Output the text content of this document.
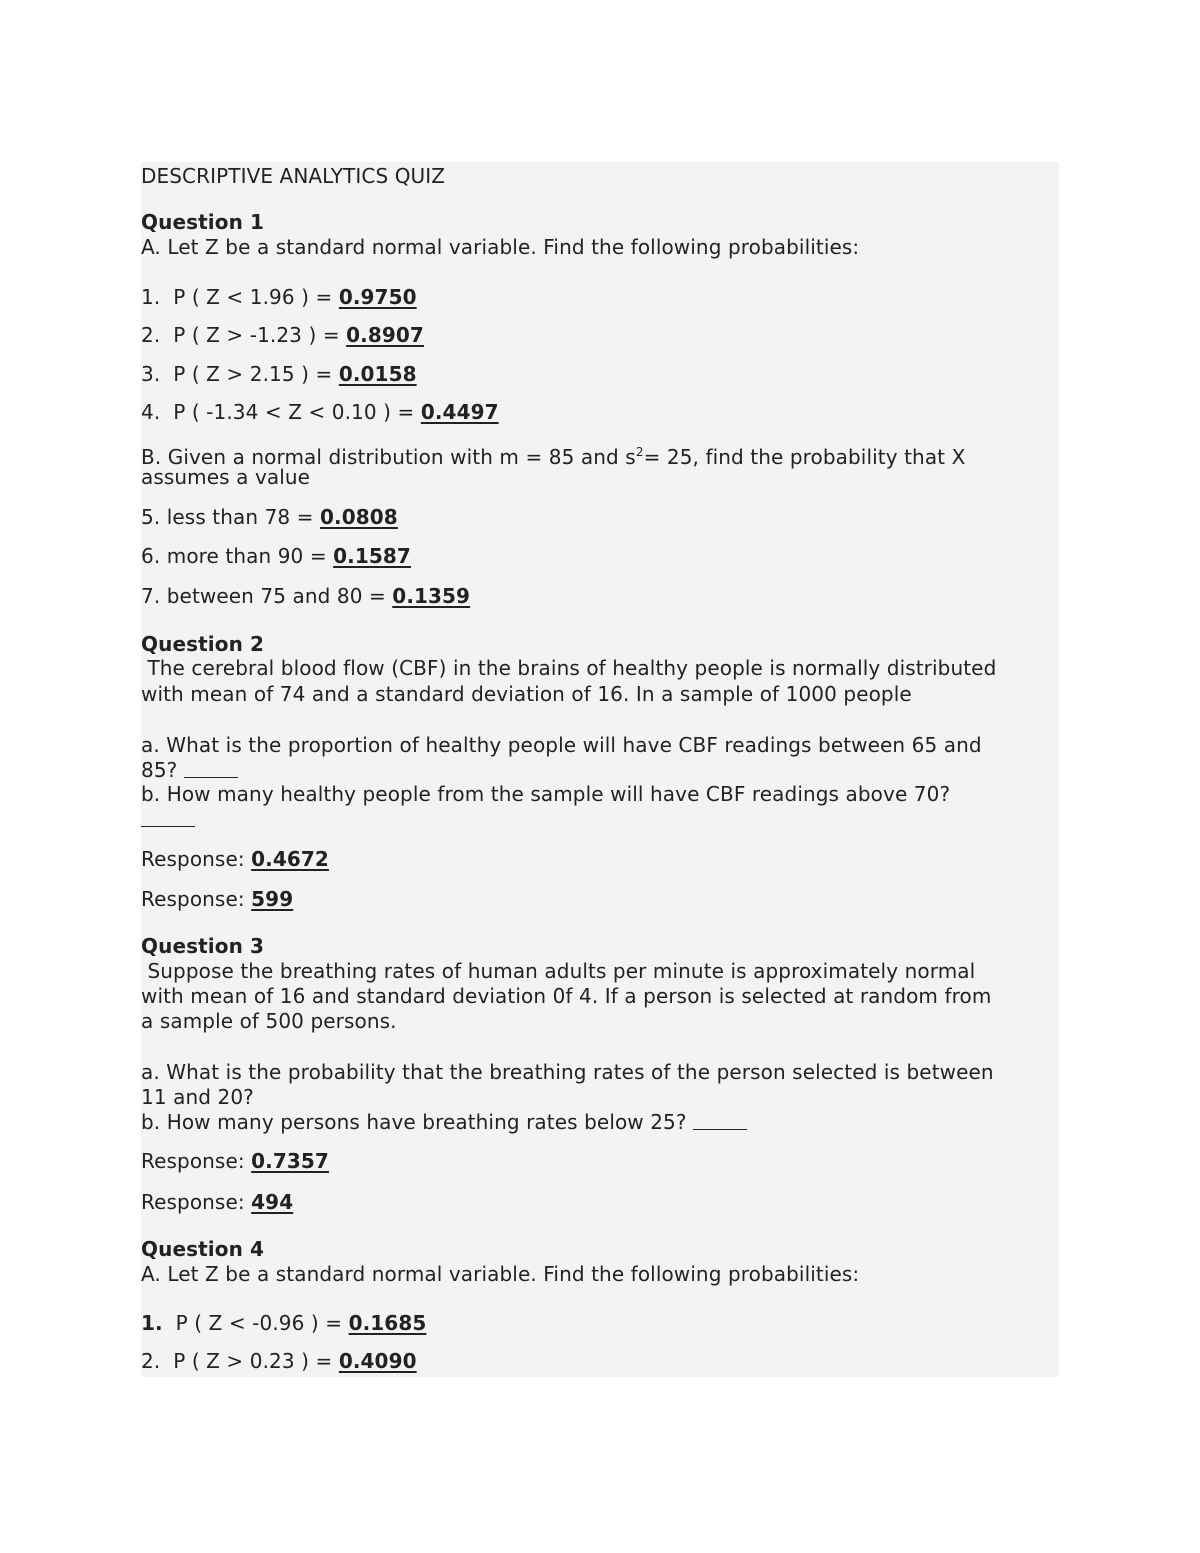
DESCRIPTIVE ANALYTICS QUIZ
Question 1
A. Let Z be a standard normal variable. Find the following probabilities:
1.  P ( Z < 1.96 ) = 0.9750
2.  P ( Z > -1.23 ) = 0.8907
3.  P ( Z > 2.15 ) = 0.0158
4.  P ( -1.34 < Z < 0.10 ) = 0.4497
B. Given a normal distribution with m = 85 and $s^2= 25$, find the probability that X
assumes a value
5. less than 78 = 0.0808
6. more than 90 = 0.1587
7. between 75 and 80 = 0.1359
Question 2
The cerebral blood flow (CBF) in the brains of healthy people is normally distributed
with mean of 74 and a standard deviation of 16. In a sample of 1000 people
a. What is the proportion of healthy people will have CBF readings between 65 and
85?
b. How many healthy people from the sample will have CBF readings above 70?
Response: 0.4672
Response: 599
Question 3
Suppose the breathing rates of human adults per minute is approximately normal
with mean of 16 and standard deviation 0f 4. If a person is selected at random from
a sample of 500 persons.
a. What is the probability that the breathing rates of the person selected is between
11 and 20?
b. How many persons have breathing rates below 25?
Response: 0.7357
Response: 494
Question 4
A. Let Z be a standard normal variable. Find the following probabilities:
1.  P ( Z < -0.96 ) = 0.1685
2.  P ( Z > 0.23 ) = 0.4090
